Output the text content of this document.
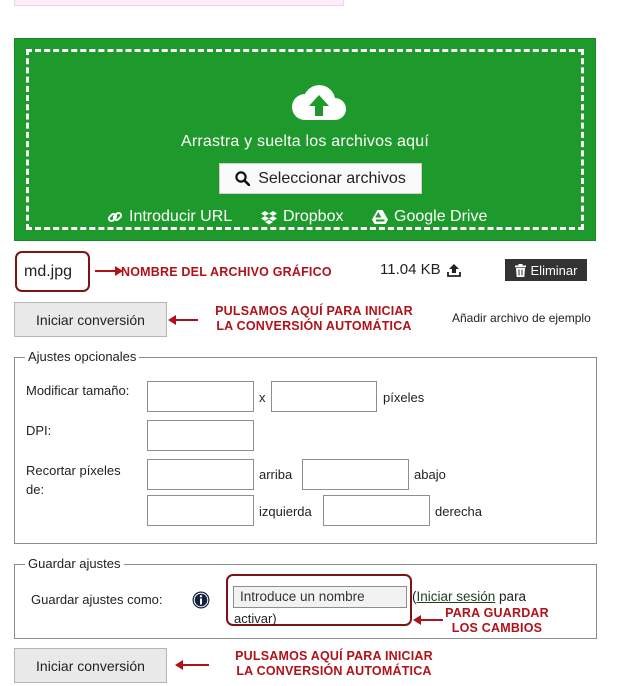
Arrastra y suelta los archivos aquí
Seleccionar archivos
Introducir URL	Dropbox	Google Drive
md.jpg	NOMBRE DEL ARCHIVO GRÁFICO	11.04 KB	Eliminar
Iniciar conversión
PULSAMOS AQUÍ PARA INICIAR
LA CONVERSIÓN AUTOMÁTICA
Añadir archivo de ejemplo
Ajustes opcionales
Modificar tamaño:	x	píxeles
DPI:
Recortar píxeles
de:
arriba	abajo
izquierda	derecha
Guardar ajustes
Guardar ajustes como:	Introduce un nombre
activar)
(Iniciar sesión para
PARA GUARDAR
LOS CAMBIOS
Iniciar conversión
PULSAMOS AQUÍ PARA INICIAR
LA CONVERSIÓN AUTOMÁTICA
